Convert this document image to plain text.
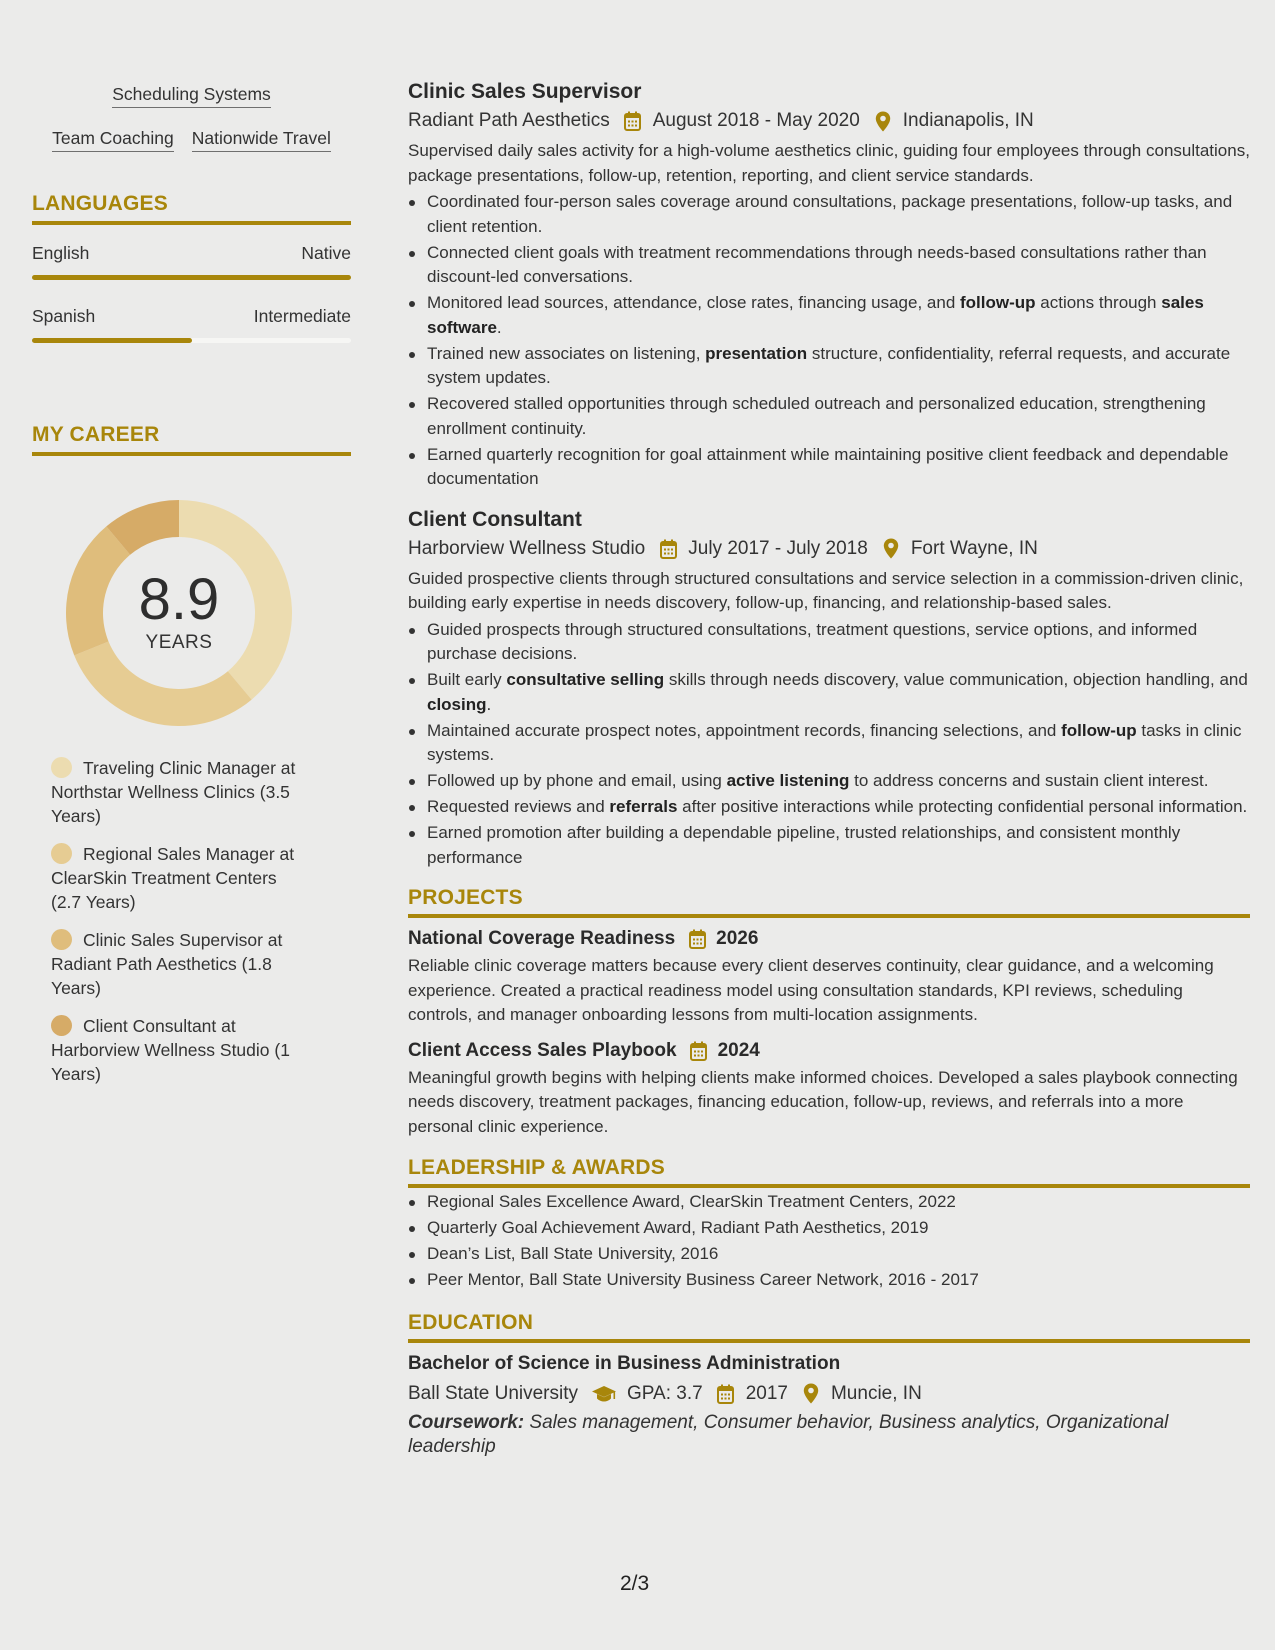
Scheduling Systems
Team Coaching Nationwide Travel
LANGUAGES
English	Native
Spanish	Intermediate
MY CAREER
8.9
YEARS
Traveling Clinic Manager at Northstar Wellness Clinics (3.5 Years)
Regional Sales Manager at ClearSkin Treatment Centers (2.7 Years)
Clinic Sales Supervisor at Radiant Path Aesthetics (1.8 Years)
Client Consultant at Harborview Wellness Studio (1 Years)
Clinic Sales Supervisor
Radiant Path Aesthetics August 2018 - May 2020 Indianapolis, IN
Supervised daily sales activity for a high-volume aesthetics clinic, guiding four employees through consultations, package presentations, follow-up, retention, reporting, and client service standards.
Coordinated four-person sales coverage around consultations, package presentations, follow-up tasks, and client retention.
Connected client goals with treatment recommendations through needs-based consultations rather than discount-led conversations.
Monitored lead sources, attendance, close rates, financing usage, and follow-up actions through sales software.
Trained new associates on listening, presentation structure, confidentiality, referral requests, and accurate system updates.
Recovered stalled opportunities through scheduled outreach and personalized education, strengthening enrollment continuity.
Earned quarterly recognition for goal attainment while maintaining positive client feedback and dependable documentation
Client Consultant
Harborview Wellness Studio July 2017 - July 2018 Fort Wayne, IN
Guided prospective clients through structured consultations and service selection in a commission-driven clinic, building early expertise in needs discovery, follow-up, financing, and relationship-based sales.
Guided prospects through structured consultations, treatment questions, service options, and informed purchase decisions.
Built early consultative selling skills through needs discovery, value communication, objection handling, and closing.
Maintained accurate prospect notes, appointment records, financing selections, and follow-up tasks in clinic systems.
Followed up by phone and email, using active listening to address concerns and sustain client interest.
Requested reviews and referrals after positive interactions while protecting confidential personal information.
Earned promotion after building a dependable pipeline, trusted relationships, and consistent monthly performance
PROJECTS
National Coverage Readiness 2026
Reliable clinic coverage matters because every client deserves continuity, clear guidance, and a welcoming experience. Created a practical readiness model using consultation standards, KPI reviews, scheduling controls, and manager onboarding lessons from multi-location assignments.
Client Access Sales Playbook 2024
Meaningful growth begins with helping clients make informed choices. Developed a sales playbook connecting needs discovery, treatment packages, financing education, follow-up, reviews, and referrals into a more personal clinic experience.
LEADERSHIP & AWARDS
Regional Sales Excellence Award, ClearSkin Treatment Centers, 2022
Quarterly Goal Achievement Award, Radiant Path Aesthetics, 2019
Dean’s List, Ball State University, 2016
Peer Mentor, Ball State University Business Career Network, 2016 - 2017
EDUCATION
Bachelor of Science in Business Administration
Ball State University	GPA: 3.7 2017 Muncie, IN
Coursework: Sales management, Consumer behavior, Business analytics, Organizational leadership
2/3
